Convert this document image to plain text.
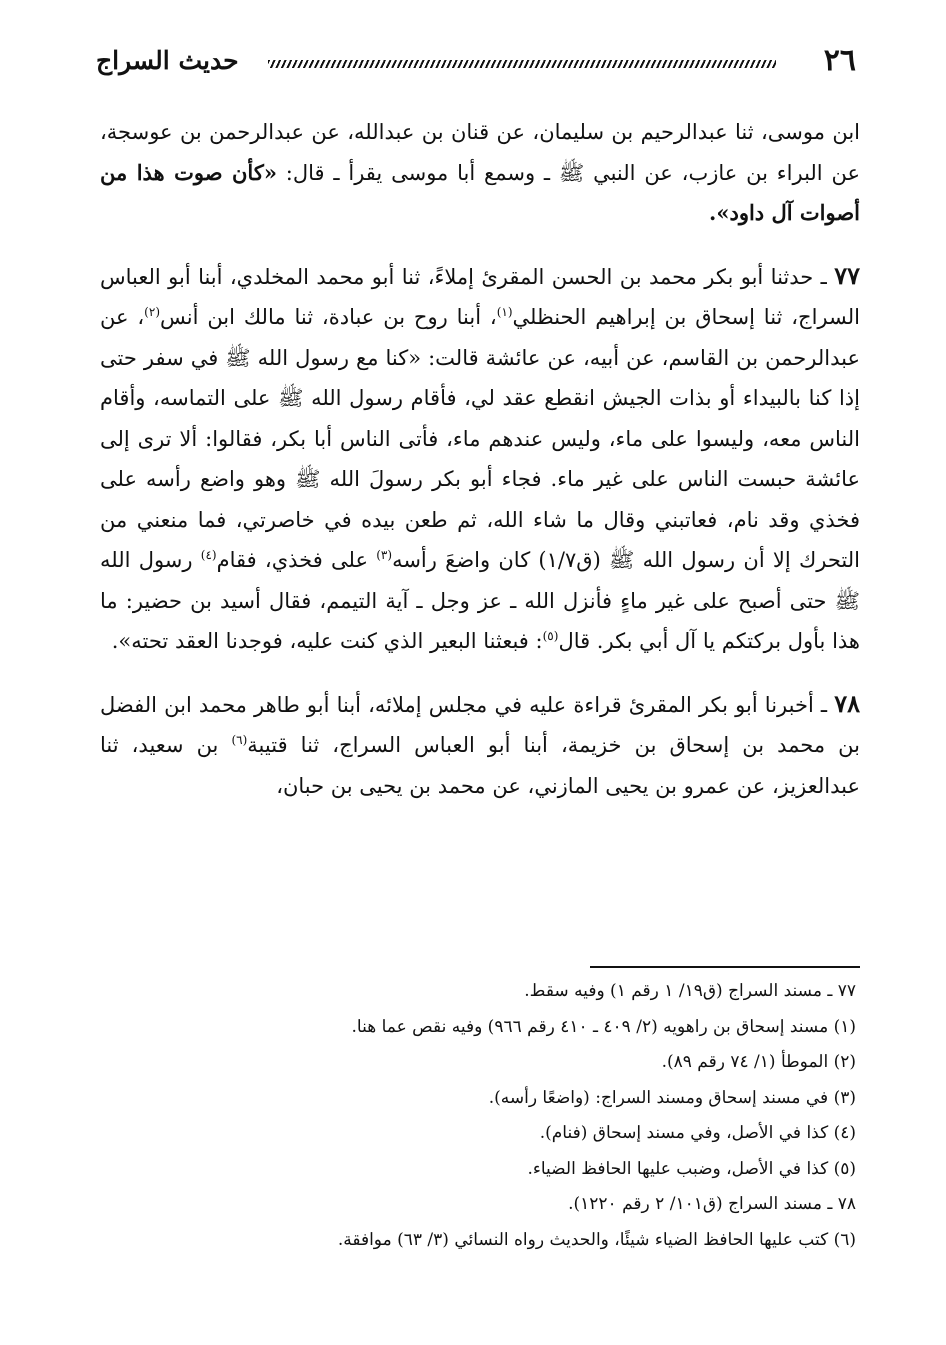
٢٦
حديث السراج

ابن موسى، ثنا عبدالرحيم بن سليمان، عن قنان بن عبدالله، عن عبدالرحمن بن عوسجة، عن البراء بن عازب، عن النبي ﷺ ـ وسمع أبا موسى يقرأ ـ قال: «كأن صوت هذا من أصوات آل داود».

٧٧ ـ حدثنا أبو بكر محمد بن الحسن المقرئ إملاءً، ثنا أبو محمد المخلدي، أبنا أبو العباس السراج، ثنا إسحاق بن إبراهيم الحنظلي$^{(١)}$، أبنا روح بن عبادة، ثنا مالك ابن أنس$^{(٢)}$، عن عبدالرحمن بن القاسم، عن أبيه، عن عائشة قالت: «كنا مع رسول الله ﷺ في سفر حتى إذا كنا بالبيداء أو بذات الجيش انقطع عقد لي، فأقام رسول الله ﷺ على التماسه، وأقام الناس معه، وليسوا على ماء، وليس عندهم ماء، فأتى الناس أبا بكر، فقالوا: ألا ترى إلى عائشة حبست الناس على غير ماء. فجاء أبو بكر رسولَ الله ﷺ وهو واضع رأسه على فخذي وقد نام، فعاتبني وقال ما شاء الله، ثم طعن بيده في خاصرتي، فما منعني من التحرك إلا أن رسول الله ﷺ (ق١/٧) كان واضعَ رأسه$^{(٣)}$ على فخذي، فقام$^{(٤)}$ رسول الله ﷺ حتى أصبح على غير ماءٍ فأنزل الله ـ عز وجل ـ آية التيمم، فقال أسيد بن حضير: ما هذا بأول بركتكم يا آل أبي بكر. قال$^{(٥)}$: فبعثنا البعير الذي كنت عليه، فوجدنا العقد تحته».

٧٨ ـ أخبرنا أبو بكر المقرئ قراءة عليه في مجلس إملائه، أبنا أبو طاهر محمد ابن الفضل بن محمد بن إسحاق بن خزيمة، أبنا أبو العباس السراج، ثنا قتيبة$^{(٦)}$ بن سعيد، ثنا عبدالعزيز، عن عمرو بن يحيى المازني، عن محمد بن يحيى بن حبان،

٧٧ ـ مسند السراج (ق١٩/ ١ رقم ١) وفيه سقط.
(١) مسند إسحاق بن راهويه (٢/ ٤٠٩ ـ ٤١٠ رقم ٩٦٦) وفيه نقص عما هنا.
(٢) الموطأ (١/ ٧٤ رقم ٨٩).
(٣) في مسند إسحاق ومسند السراج: (واضعًا رأسه).
(٤) كذا في الأصل، وفي مسند إسحاق (فنام).
(٥) كذا في الأصل، وضبب عليها الحافظ الضياء.
٧٨ ـ مسند السراج (ق١٠١/ ٢ رقم ١٢٢٠).
(٦) كتب عليها الحافظ الضياء شيئًا، والحديث رواه النسائي (٣/ ٦٣) موافقة.
